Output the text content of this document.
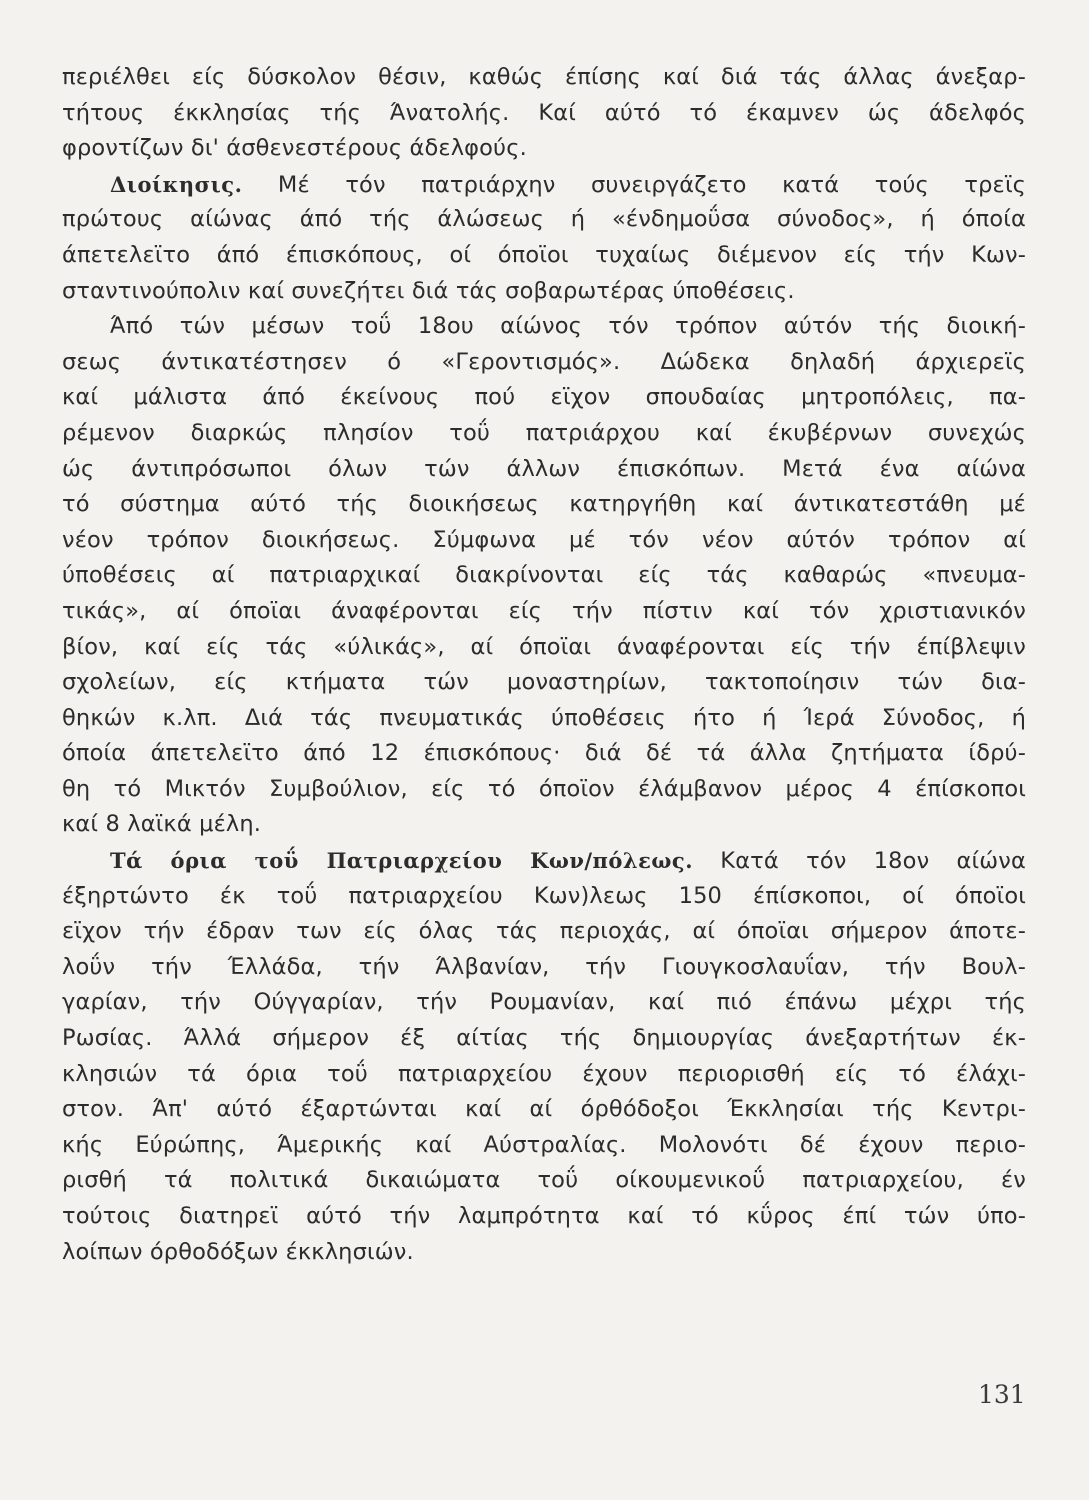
περιέλθει είς δύσκολον θέσιν, καθώς έπίσης καί διά τάς άλλας άνεξαρ-
τήτους έκκλησίας τής Άνατολής. Καί αύτό τό έκαμνεν ώς άδελφός
φροντίζων δι' άσθενεστέρους άδελφούς.
Διοίκησις. Μέ τόν πατριάρχην συνειργάζετο κατά τούς τρεϊς
πρώτους αίώνας άπό τής άλώσεως ή «ένδημοΰσα σύνοδος», ή όποία
άπετελεϊτο άπό έπισκόπους, οί όποϊοι τυχαίως διέμενον είς τήν Κων-
σταντινούπολιν καί συνεζήτει διά τάς σοβαρωτέρας ύποθέσεις.
Άπό τών μέσων τοΰ 18ου αίώνος τόν τρόπον αύτόν τής διοική-
σεως άντικατέστησεν ό «Γεροντισμός». Δώδεκα δηλαδή άρχιερεϊς
καί μάλιστα άπό έκείνους πού εϊχον σπουδαίας μητροπόλεις, πα-
ρέμενον διαρκώς πλησίον τοΰ πατριάρχου καί έκυβέρνων συνεχώς
ώς άντιπρόσωποι όλων τών άλλων έπισκόπων. Μετά ένα αίώνα
τό σύστημα αύτό τής διοικήσεως κατηργήθη καί άντικατεστάθη μέ
νέον τρόπον διοικήσεως. Σύμφωνα μέ τόν νέον αύτόν τρόπον αί
ύποθέσεις αί πατριαρχικαί διακρίνονται είς τάς καθαρώς «πνευμα-
τικάς», αί όποϊαι άναφέρονται είς τήν πίστιν καί τόν χριστιανικόν
βίον, καί είς τάς «ύλικάς», αί όποϊαι άναφέρονται είς τήν έπίβλεψιν
σχολείων, είς κτήματα τών μοναστηρίων, τακτοποίησιν τών δια-
θηκών κ.λπ. Διά τάς πνευματικάς ύποθέσεις ήτο ή Ίερά Σύνοδος, ή
όποία άπετελεϊτο άπό 12 έπισκόπους· διά δέ τά άλλα ζητήματα ίδρύ-
θη τό Μικτόν Συμβούλιον, είς τό όποϊον έλάμβανον μέρος 4 έπίσκοποι
καί 8 λαϊκά μέλη.
Τά όρια τοΰ Πατριαρχείου Κων/πόλεως. Κατά τόν 18ον αίώνα
έξηρτώντο έκ τοΰ πατριαρχείου Κων)λεως 150 έπίσκοποι, οί όποϊοι
εϊχον τήν έδραν των είς όλας τάς περιοχάς, αί όποϊαι σήμερον άποτε-
λοΰν τήν Έλλάδα, τήν Άλβανίαν, τήν Γιουγκοσλαυΐαν, τήν Βουλ-
γαρίαν, τήν Ούγγαρίαν, τήν Ρουμανίαν, καί πιό έπάνω μέχρι τής
Ρωσίας. Άλλά σήμερον έξ αίτίας τής δημιουργίας άνεξαρτήτων έκ-
κλησιών τά όρια τοΰ πατριαρχείου έχουν περιορισθή είς τό έλάχι-
στον. Άπ' αύτό έξαρτώνται καί αί όρθόδοξοι Έκκλησίαι τής Κεντρι-
κής Εύρώπης, Άμερικής καί Αύστραλίας. Μολονότι δέ έχουν περιο-
ρισθή τά πολιτικά δικαιώματα τοΰ οίκουμενικοΰ πατριαρχείου, έν
τούτοις διατηρεϊ αύτό τήν λαμπρότητα καί τό κΰρος έπί τών ύπο-
λοίπων όρθοδόξων έκκλησιών.
131
